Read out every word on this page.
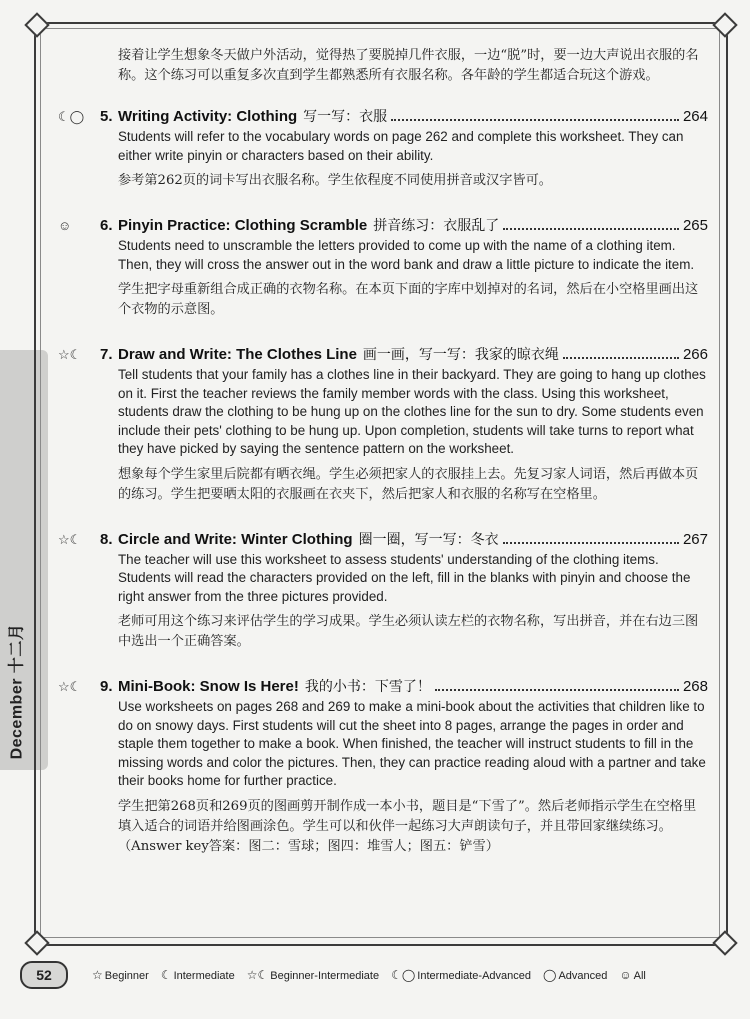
December 十二月
接着让学生想象冬天做户外活动，觉得热了要脱掉几件衣服，一边“脱”时，要一边大声说出衣服的名称。这个练习可以重复多次直到学生都熟悉所有衣服名称。各年龄的学生都适合玩这个游戏。
☾◯	5. Writing Activity: Clothing 写一写：衣服	264
Students will refer to the vocabulary words on page 262 and complete this worksheet. They can either write pinyin or characters based on their ability.
参考第262页的词卡写出衣服名称。学生依程度不同使用拼音或汉字皆可。
☺	6. Pinyin Practice: Clothing Scramble 拼音练习：衣服乱了	265
Students need to unscramble the letters provided to come up with the name of a clothing item. Then, they will cross the answer out in the word bank and draw a little picture to indicate the item.
学生把字母重新组合成正确的衣物名称。在本页下面的字库中划掉对的名词，然后在小空格里画出这个衣物的示意图。
☆☾	7. Draw and Write: The Clothes Line 画一画，写一写：我家的晾衣绳	266
Tell students that your family has a clothes line in their backyard. They are going to hang up clothes on it. First the teacher reviews the family member words with the class. Using this worksheet, students draw the clothing to be hung up on the clothes line for the sun to dry. Some students even include their pets' clothing to be hung up. Upon completion, students will take turns to report what they have picked by saying the sentence pattern on the worksheet.
想象每个学生家里后院都有晒衣绳。学生必须把家人的衣服挂上去。先复习家人词语，然后再做本页的练习。学生把要晒太阳的衣服画在衣夹下，然后把家人和衣服的名称写在空格里。
☆☾	8. Circle and Write: Winter Clothing 圈一圈，写一写：冬衣	267
The teacher will use this worksheet to assess students' understanding of the clothing items. Students will read the characters provided on the left, fill in the blanks with pinyin and choose the right answer from the three pictures provided.
老师可用这个练习来评估学生的学习成果。学生必须认读左栏的衣物名称，写出拼音，并在右边三图中选出一个正确答案。
☆☾	9. Mini-Book: Snow Is Here! 我的小书：下雪了！	268
Use worksheets on pages 268 and 269 to make a mini-book about the activities that children like to do on snowy days. First students will cut the sheet into 8 pages, arrange the pages in order and staple them together to make a book. When finished, the teacher will instruct students to fill in the missing words and color the pictures. Then, they can practice reading aloud with a partner and take their books home for further practice.
学生把第268页和269页的图画剪开制作成一本小书，题目是“下雪了”。然后老师指示学生在空格里填入适合的词语并给图画涂色。学生可以和伙伴一起练习大声朗读句子，并且带回家继续练习。（Answer key答案：图二：雪球；图四：堆雪人；图五：铲雪）
52	☆ Beginner ☾ Intermediate ☆☾ Beginner-Intermediate ☾◯ Intermediate-Advanced ◯ Advanced ☺ All
